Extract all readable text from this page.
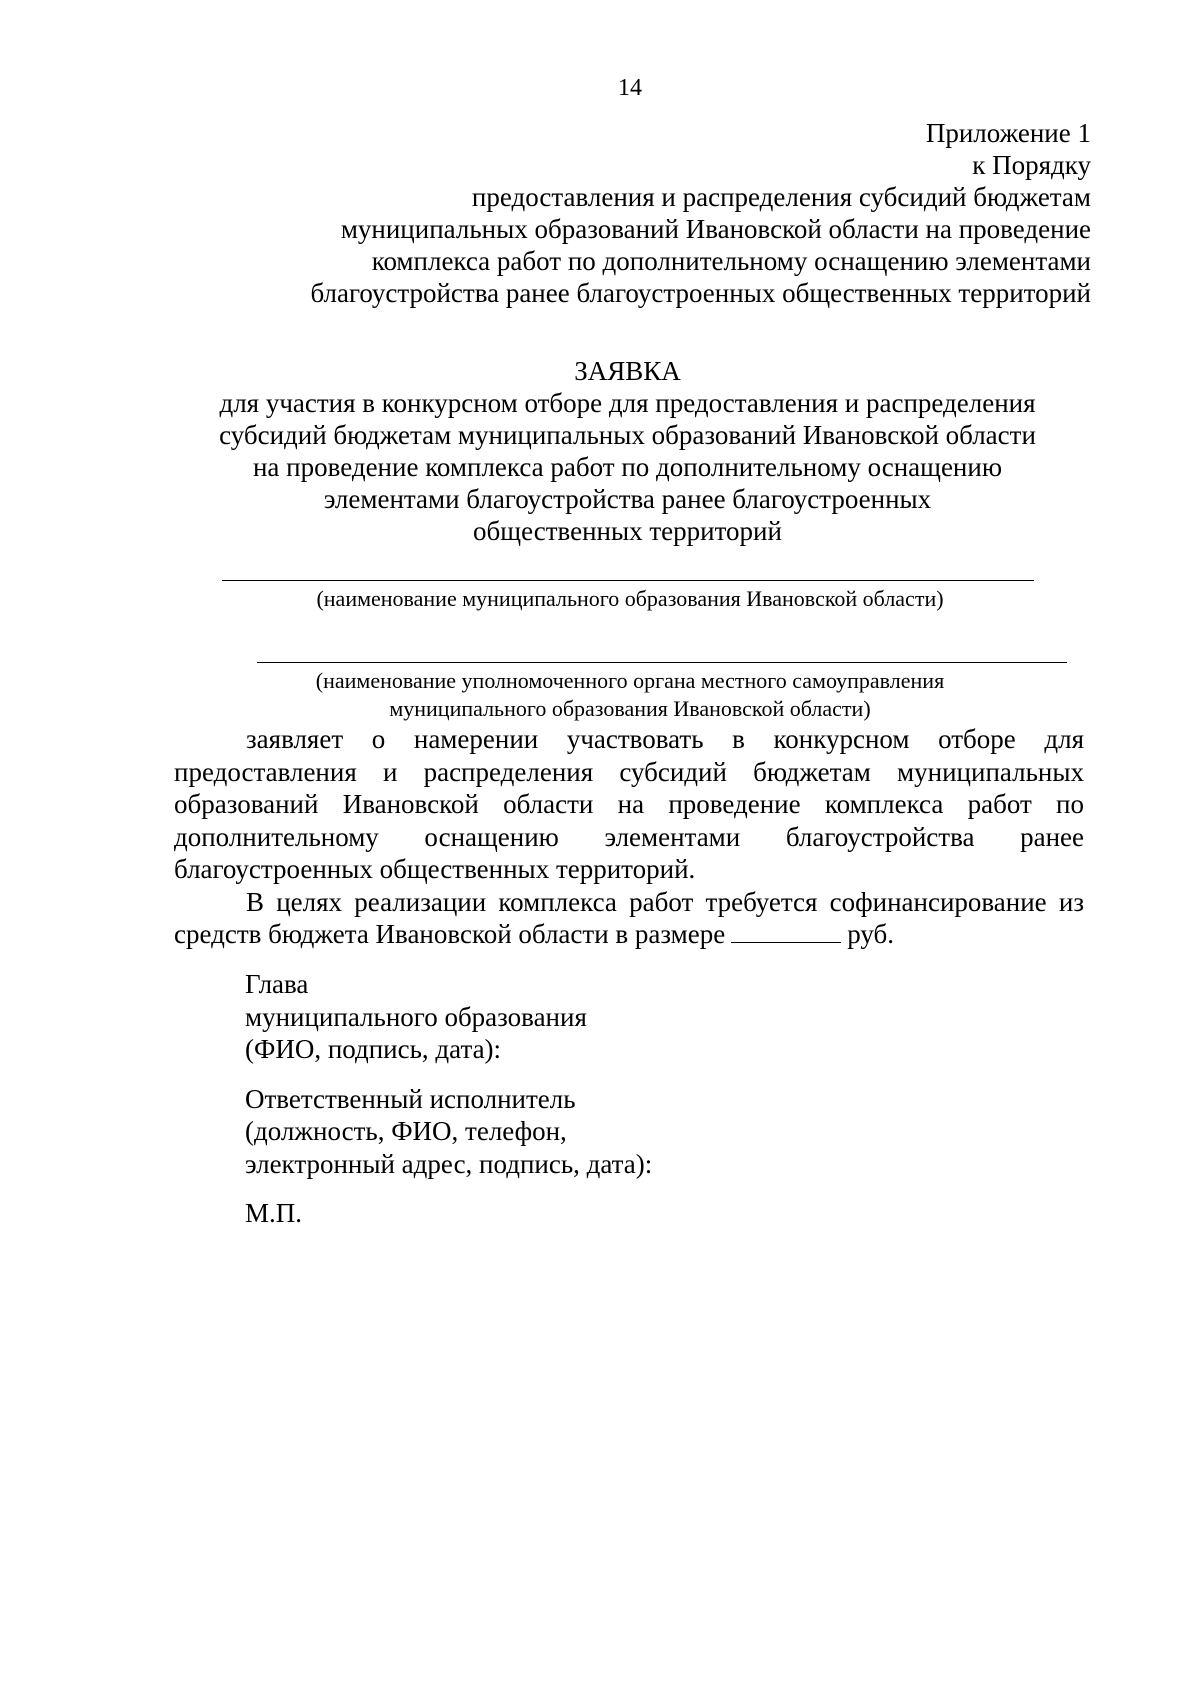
14
Приложение 1
к Порядку
предоставления и распределения субсидий бюджетам
муниципальных образований Ивановской области на проведение
комплекса работ по дополнительному оснащению элементами
благоустройства ранее благоустроенных общественных территорий
ЗАЯВКА
для участия в конкурсном отборе для предоставления и распределения
субсидий бюджетам муниципальных образований Ивановской области
на проведение комплекса работ по дополнительному оснащению
элементами благоустройства ранее благоустроенных
общественных территорий
(наименование муниципального образования Ивановской области)
(наименование уполномоченного органа местного самоуправления
муниципального образования Ивановской области)

заявляет о намерении участвовать в конкурсном отборе для предоставления и распределения субсидий бюджетам муниципальных образований Ивановской области на проведение комплекса работ по дополнительному оснащению элементами благоустройства ранее благоустроенных общественных территорий.

В целях реализации комплекса работ требуется софинансирование из средств бюджета Ивановской области в размере	руб.

Глава
муниципального образования
(ФИО, подпись, дата):
Ответственный исполнитель
(должность, ФИО, телефон,
электронный адрес, подпись, дата):
М.П.
